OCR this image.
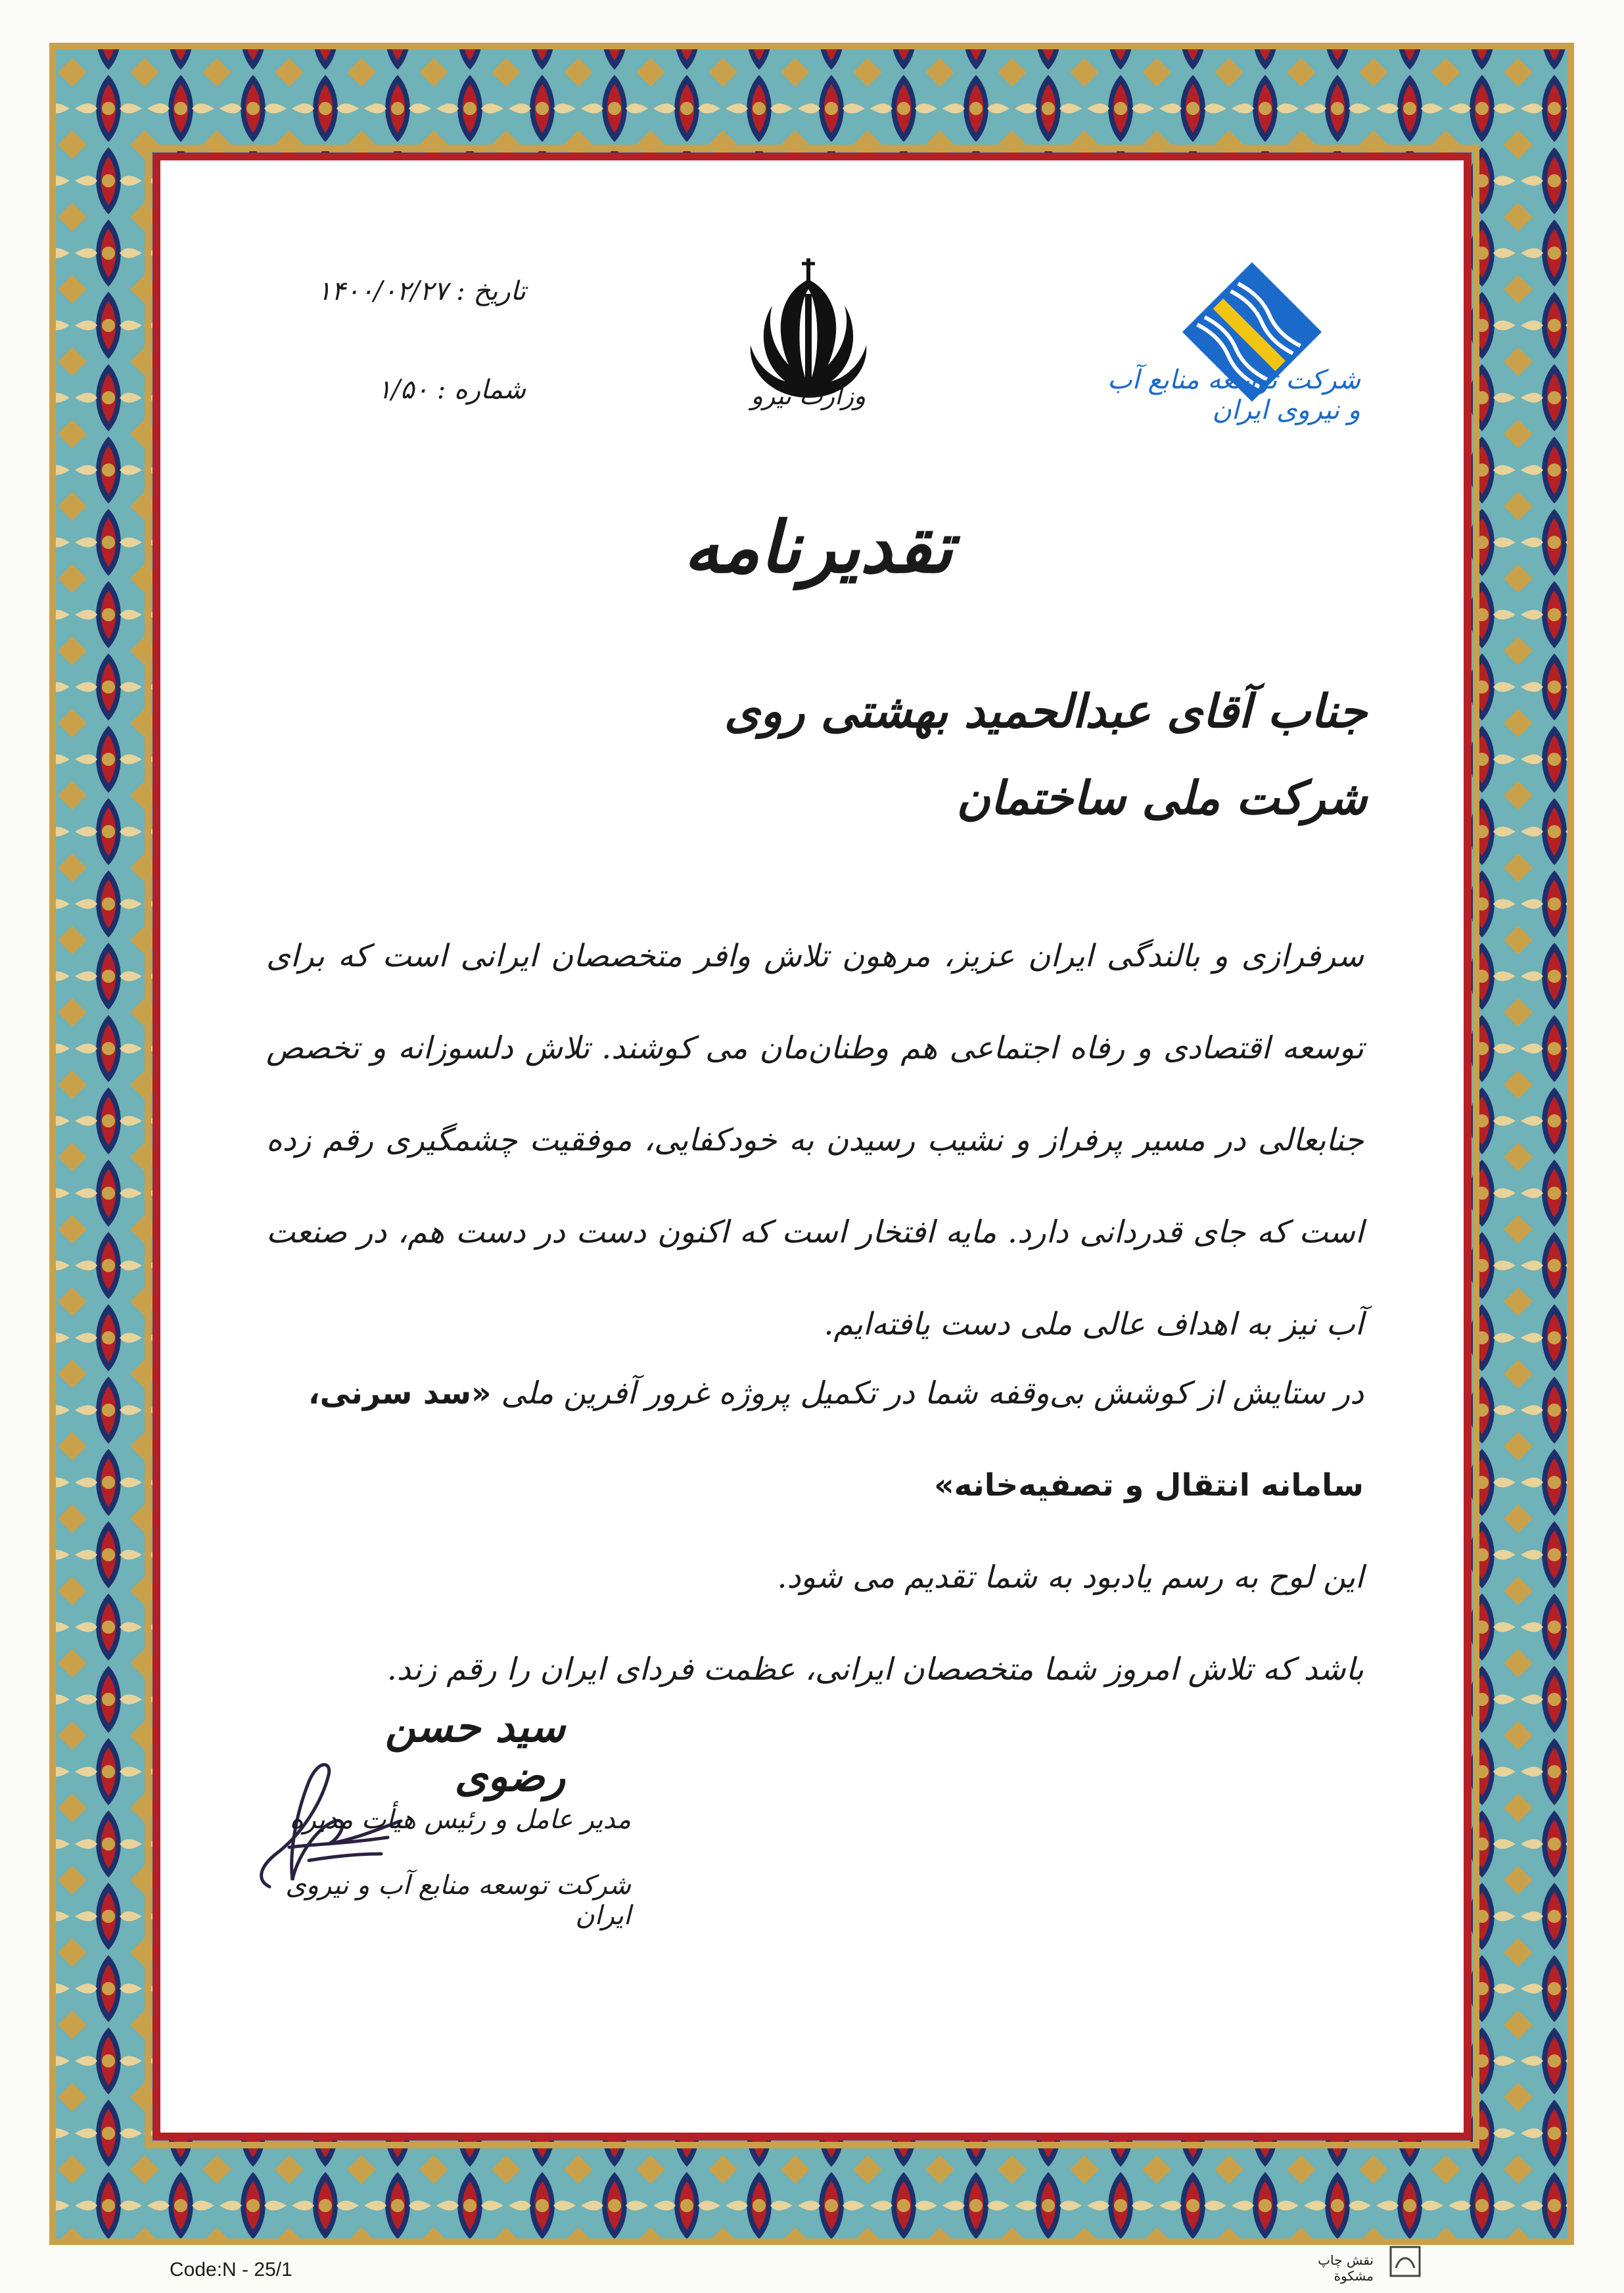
تاریخ : ۱۴۰۰/۰۲/۲۷
شماره : ۱/۵۰	وزارت نیرو
شرکت توسعه منابع آب و نیروی ایران
تقدیرنامه
جناب آقای عبدالحمید بهشتی روی
شرکت ملی ساختمان
سرفرازی و بالندگی ایران عزیز، مرهون تلاش وافر متخصصان ایرانی است که برای توسعه اقتصادی و رفاه اجتماعی هم وطنان‌مان می کوشند. تلاش دلسوزانه و تخصص جنابعالی در مسیر پرفراز و نشیب رسیدن به خودکفایی، موفقیت چشمگیری رقم زده است که جای قدردانی دارد. مایه افتخار است که اکنون دست در دست هم، در صنعت آب نیز به اهداف عالی ملی دست یافته‌ایم.
در ستایش از کوشش بی‌وقفه شما در تکمیل پروژه غرور آفرین ملی «سد سرنی، سامانه انتقال و تصفیه‌خانه»
این لوح به رسم یادبود به شما تقدیم می شود.
باشد که تلاش امروز شما متخصصان ایرانی، عظمت فردای ایران را رقم زند.
سید حسن رضوی
مدیر عامل و رئیس هیأت مدیره
شرکت توسعه منابع آب و نیروی ایران
Code:N - 25/1	نقش چاپ مشکوة
